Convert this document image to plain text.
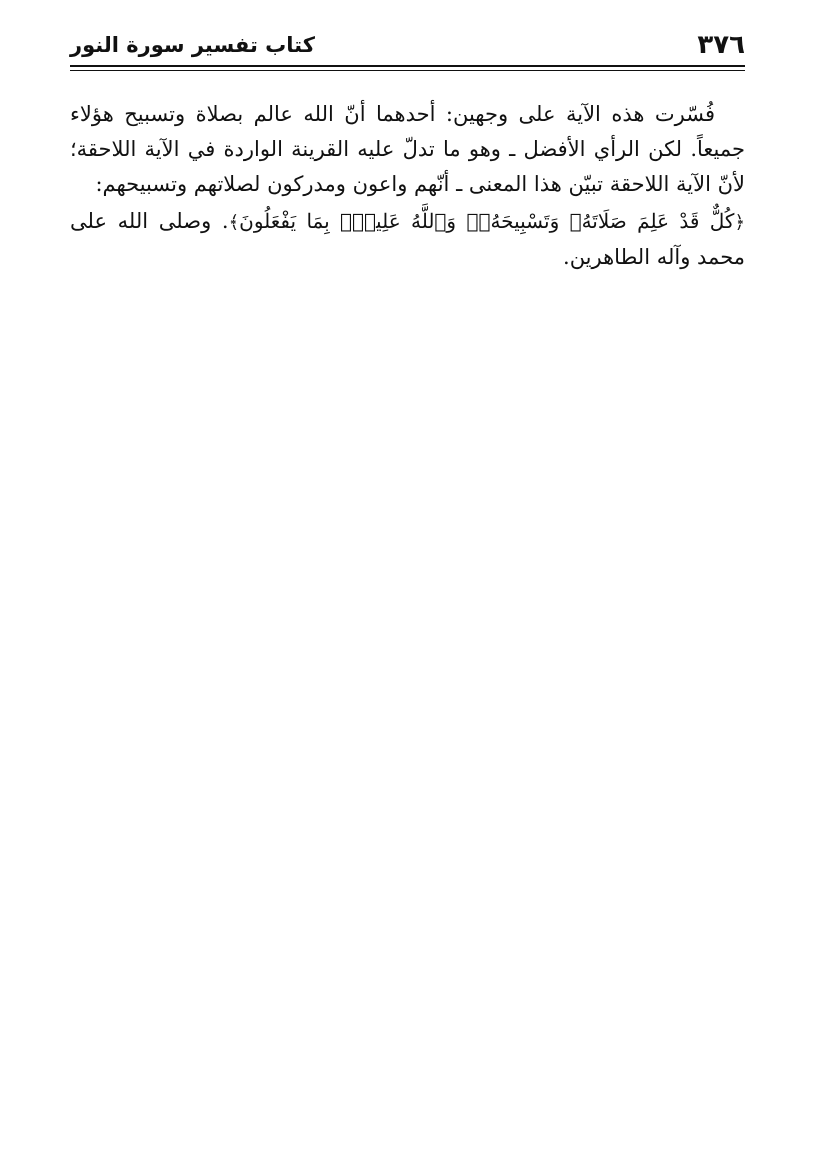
٣٧٦
كتاب تفسير سورة النور

فُسّرت هذه الآية على وجهين: أحدهما أنّ الله عالم بصلاة وتسبيح هؤلاء جميعاً. لكن الرأي الأفضل ـ وهو ما تدلّ عليه القرينة الواردة في الآية اللاحقة؛ لأنّ الآية اللاحقة تبيّن هذا المعنى ـ أنّهم واعون ومدركون لصلاتهم وتسبيحهم:

﴿كُلٌّ قَدْ عَلِمَ صَلَاتَهُۥ وَتَسْبِيحَهُۥۗ وَٱللَّهُ عَلِيمٌۢ بِمَا يَفْعَلُونَ﴾. وصلى الله على محمد وآله الطاهرين.
